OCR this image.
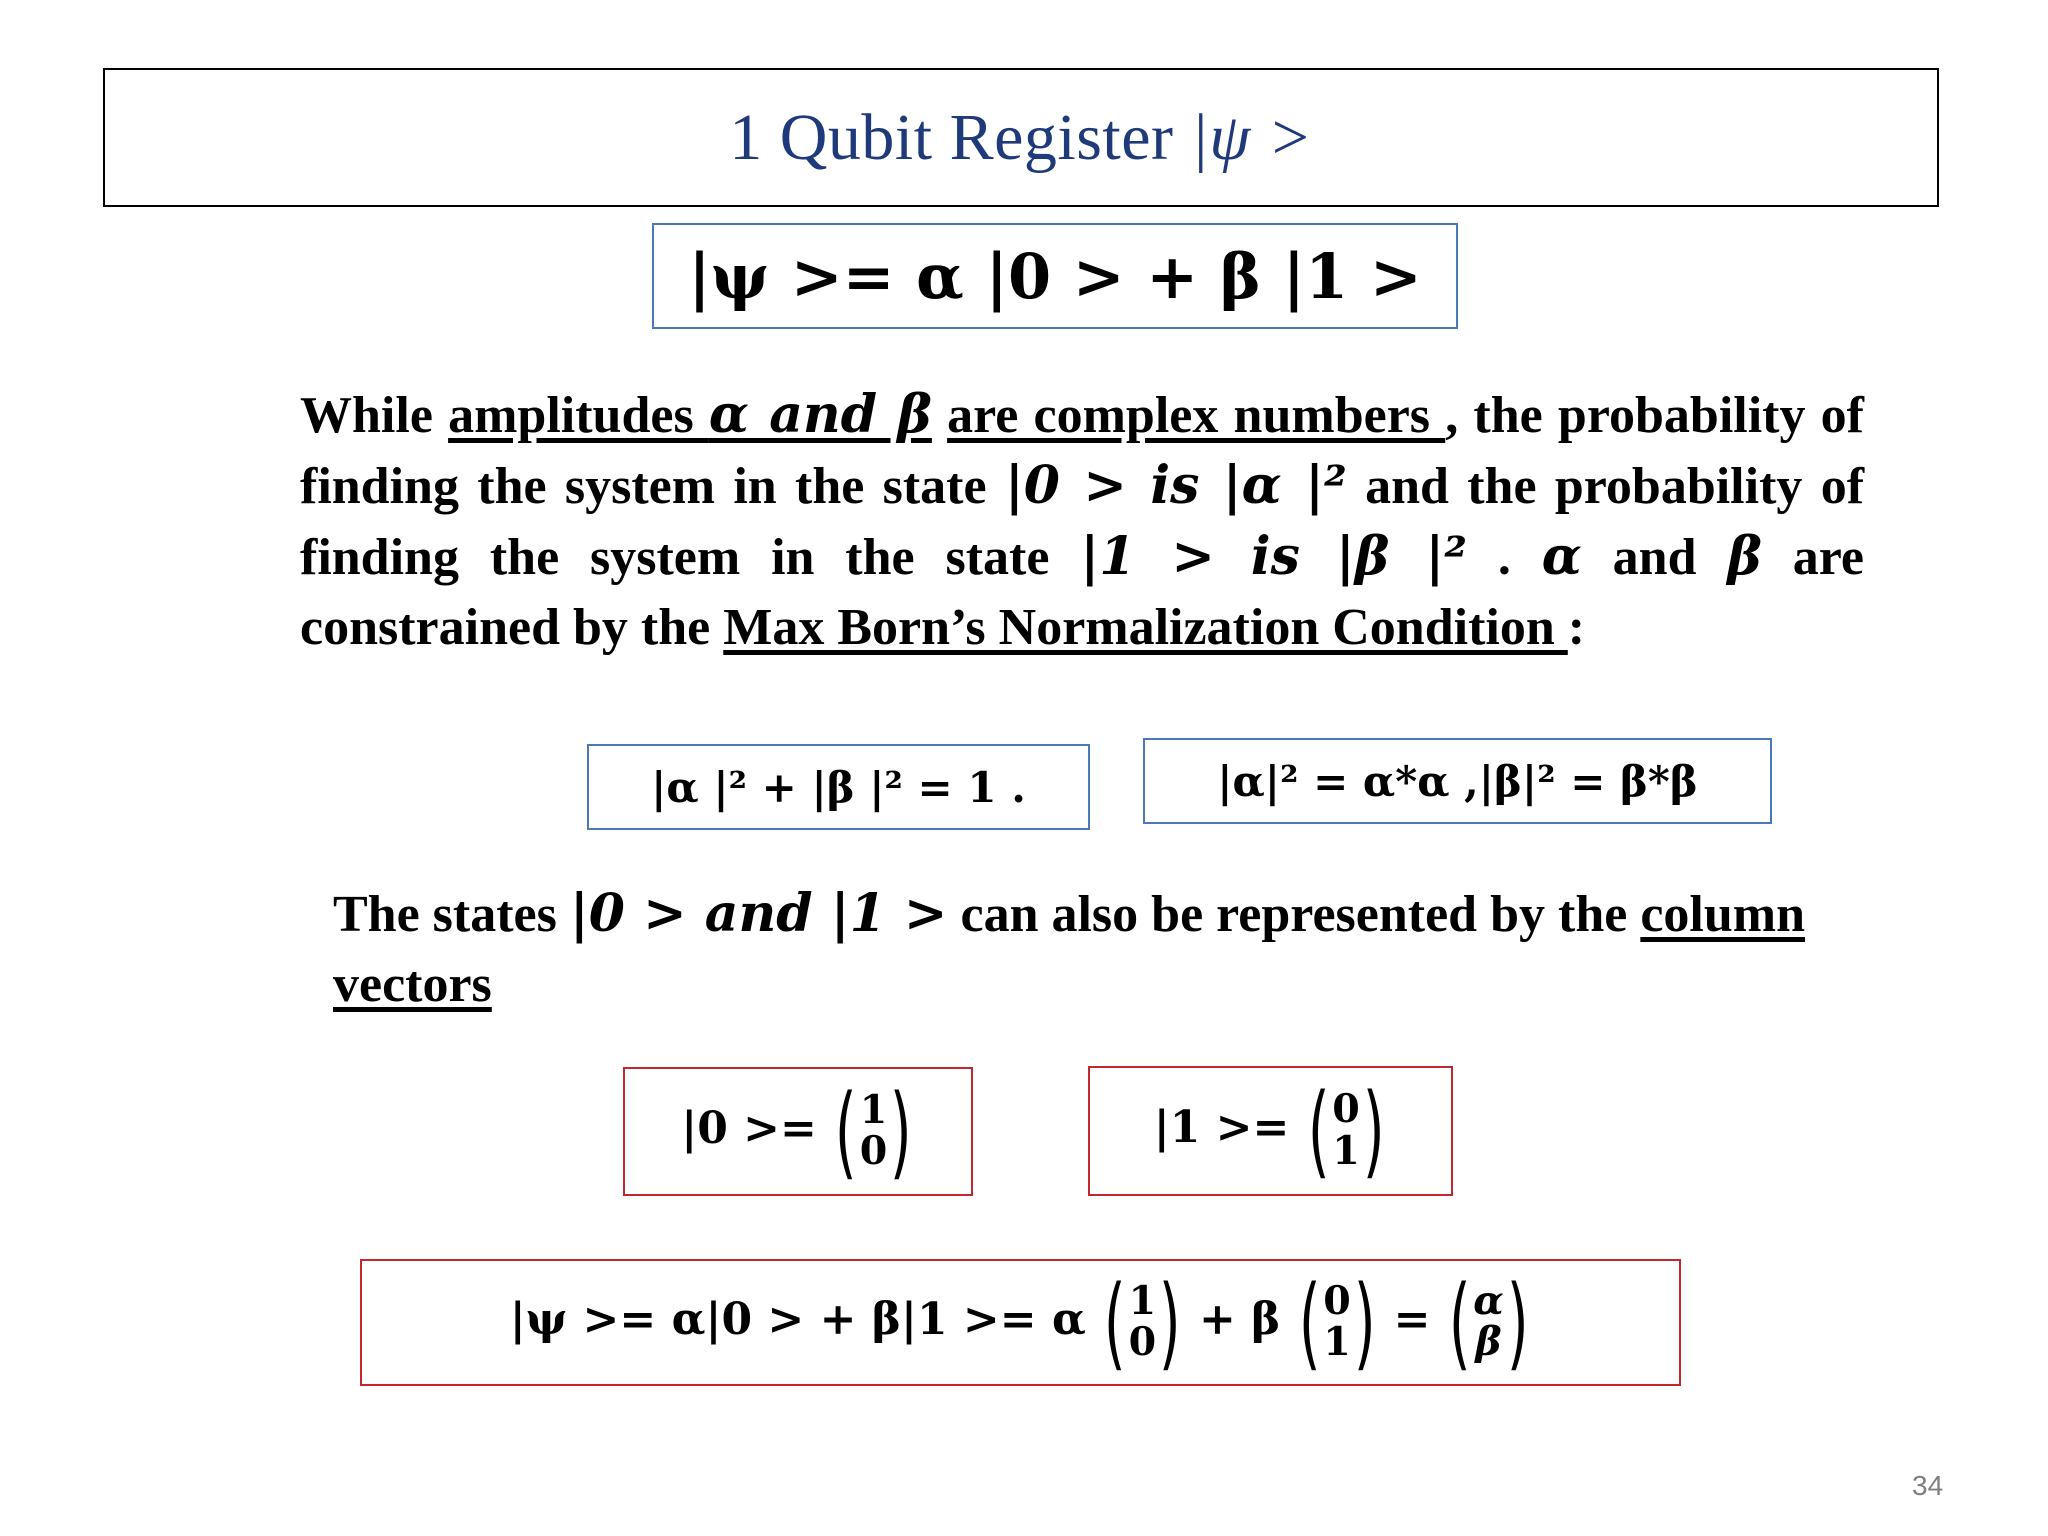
1 Qubit Register |ψ >
|ψ >= α |0 > + β |1 >
While amplitudes α and β are complex numbers , the probability of finding the system in the state |0 > is |α |² and the probability of finding the system in the state |1 > is |β |² . α and β are constrained by the Max Born’s Normalization Condition :
|α |² + |β |² = 1 .	|α|² = α*α ,|β|² = β*β
The states |0 > and |1 > can also be represented by the column vectors
|0 >= ( 1
0 )	|1 >= ( 0
1 )
|ψ >= α|0 > + β|1 >= α ( 1
0 ) + β ( 0
1 ) = ( α
β )
34
